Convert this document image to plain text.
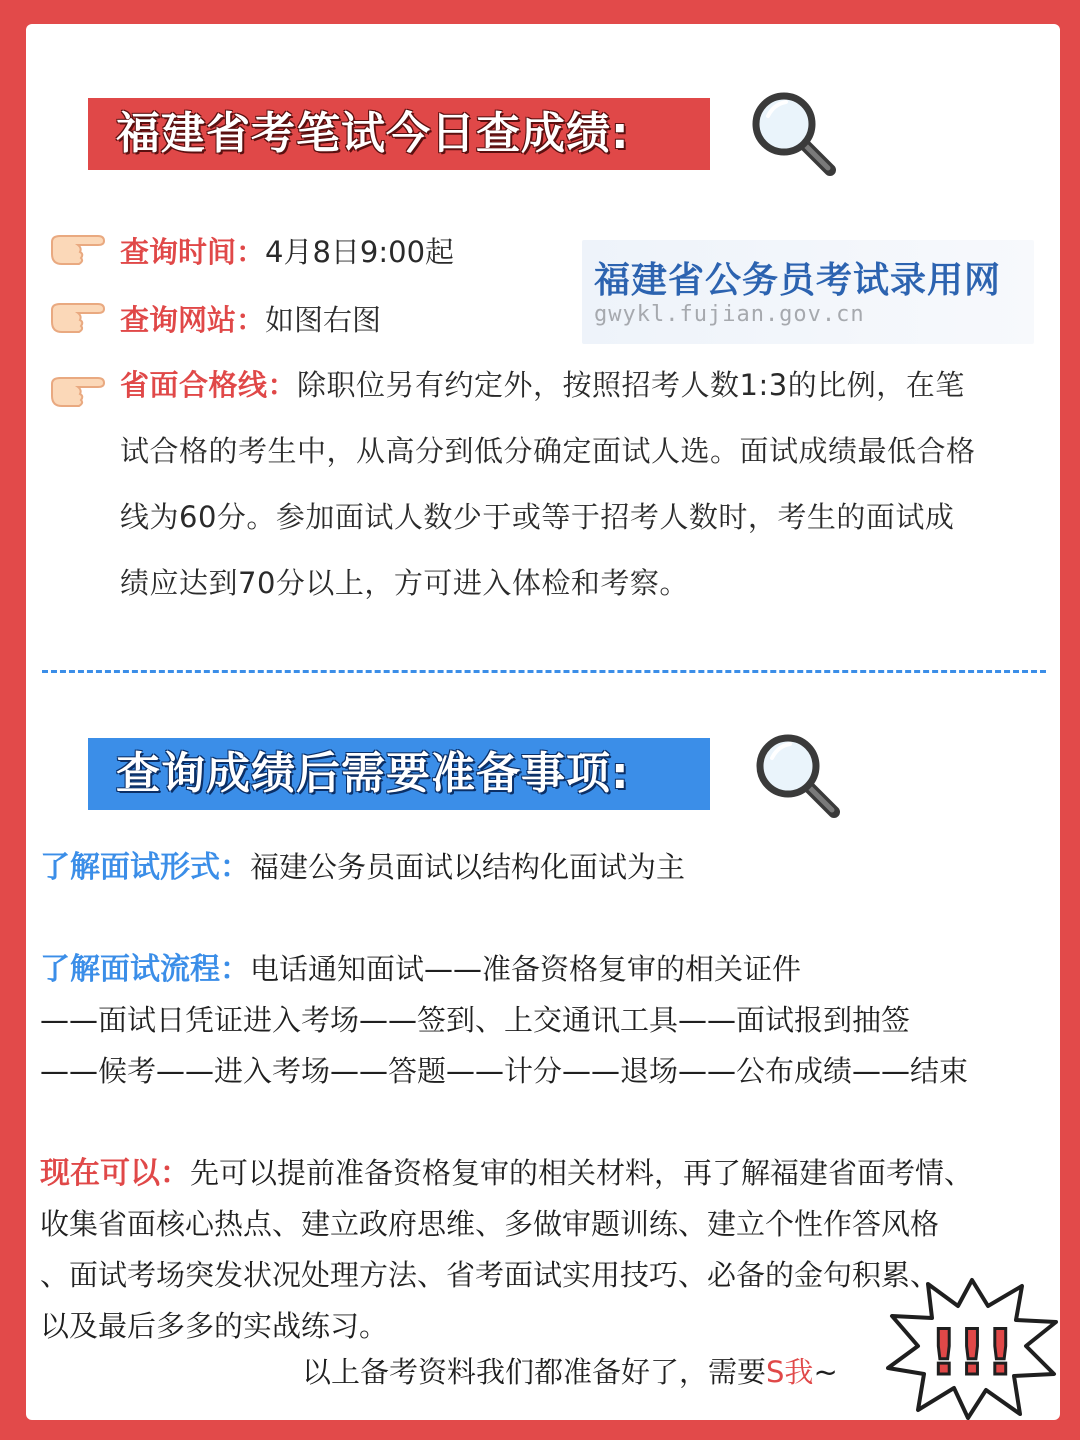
福建省考笔试今日查成绩:
查询时间：4月8日9:00起
查询网站：如图右图
福建省公务员考试录用网
gwykl.fujian.gov.cn
省面合格线：除职位另有约定外，按照招考人数1:3的比例，在笔
试合格的考生中，从高分到低分确定面试人选。面试成绩最低合格
线为60分。参加面试人数少于或等于招考人数时，考生的面试成
绩应达到70分以上，方可进入体检和考察。
查询成绩后需要准备事项:
了解面试形式：福建公务员面试以结构化面试为主
了解面试流程：电话通知面试——准备资格复审的相关证件
——面试日凭证进入考场——签到、上交通讯工具——面试报到抽签
——候考——进入考场——答题——计分——退场——公布成绩——结束
现在可以：先可以提前准备资格复审的相关材料，再了解福建省面考情、
收集省面核心热点、建立政府思维、多做审题训练、建立个性作答风格
、面试考场突发状况处理方法、省考面试实用技巧、必备的金句积累、
以及最后多多的实战练习。
以上备考资料我们都准备好了，需要S我~ !!!
